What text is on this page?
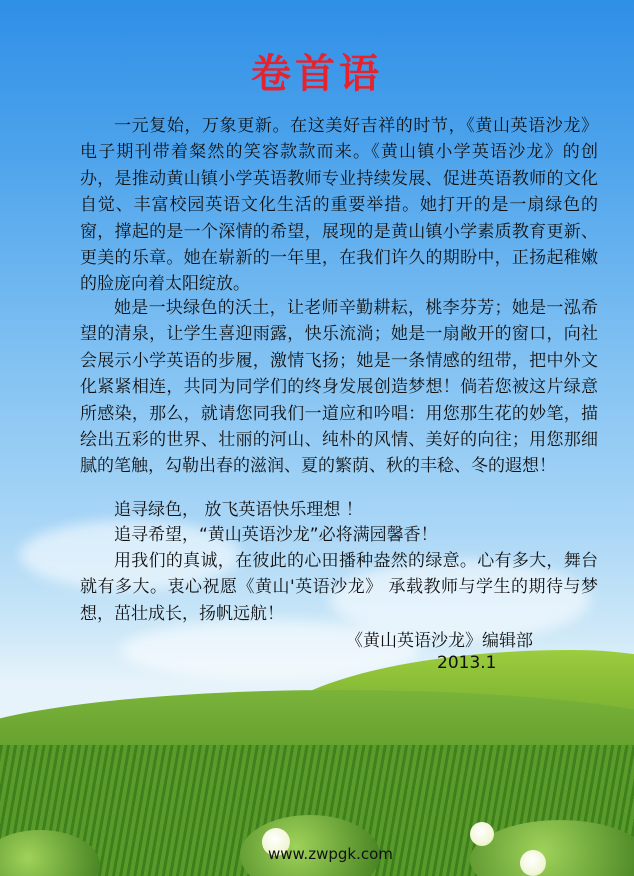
卷首语

一元复始，万象更新。在这美好吉祥的时节，《黄山英语沙龙》电子期刊带着粲然的笑容款款而来。《黄山镇小学英语沙龙》的创办，是推动黄山镇小学英语教师专业持续发展、促进英语教师的文化自觉、丰富校园英语文化生活的重要举措。她打开的是一扇绿色的窗，撑起的是一个深情的希望，展现的是黄山镇小学素质教育更新、更美的乐章。她在崭新的一年里，在我们许久的期盼中，正扬起稚嫩的脸庞向着太阳绽放。

她是一块绿色的沃土，让老师辛勤耕耘，桃李芬芳；她是一泓希望的清泉，让学生喜迎雨露，快乐流淌；她是一扇敞开的窗口，向社会展示小学英语的步履，激情飞扬；她是一条情感的纽带，把中外文化紧紧相连，共同为同学们的终身发展创造梦想！倘若您被这片绿意所感染，那么，就请您同我们一道应和吟唱：用您那生花的妙笔，描绘出五彩的世界、壮丽的河山、纯朴的风情、美好的向往；用您那细腻的笔触，勾勒出春的滋润、夏的繁荫、秋的丰稔、冬的遐想！

追寻绿色， 放飞英语快乐理想 ！

追寻希望，“黄山英语沙龙”必将满园馨香！

用我们的真诚，在彼此的心田播种盎然的绿意。心有多大，舞台就有多大。衷心祝愿《黄山'英语沙龙》 承载教师与学生的期待与梦想，茁壮成长，扬帆远航！

《黄山英语沙龙》编辑部
2013.1
www.zwpgk.com
